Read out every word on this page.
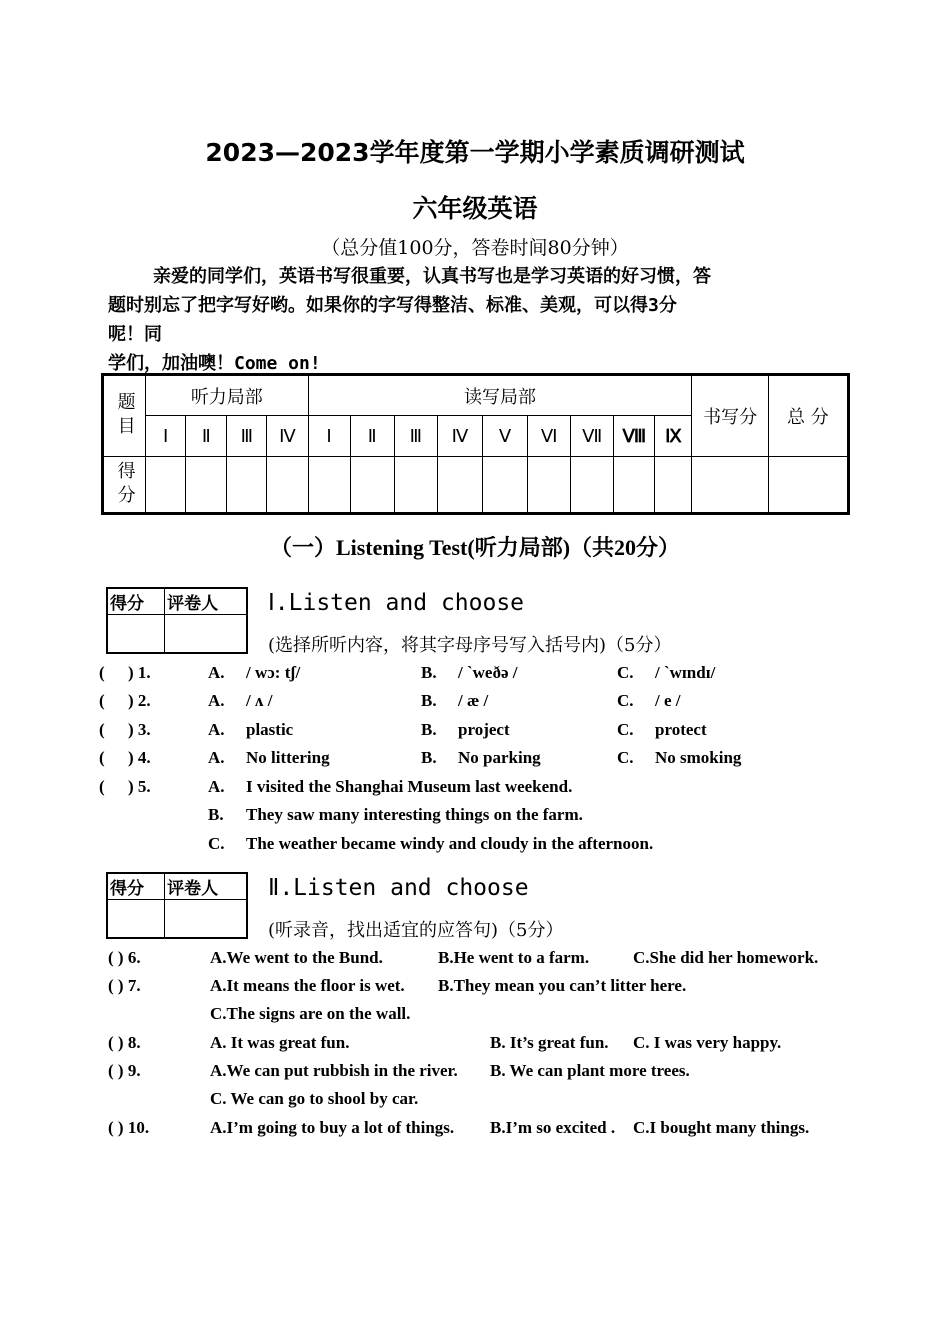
2023—2023学年度第一学期小学素质调研测试
六年级英语
（总分值100分，答卷时间80分钟）
亲爱的同学们，英语书写很重要，认真书写也是学习英语的好习惯，答
题时别忘了把字写好哟。如果你的字写得整洁、标准、美观，可以得3分
呢！同
学们，加油噢！Come on!
题目	听力局部				读写局部									书写分	总 分
	Ⅰ	Ⅱ	Ⅲ	Ⅳ	Ⅰ	Ⅱ	Ⅲ	Ⅳ	Ⅴ	Ⅵ	Ⅶ	Ⅷ	Ⅸ		
得分															
（一）Listening Test(听力局部)（共20分）
得分	评卷人
	Ⅰ.Listen and choose
(选择所听内容，将其字母序号写入括号内)（5分）
( ) 1.	A. / wɔ: tʃ/	B. / `weðə /	C. / `wɪndɪ/
( ) 2.	A. / ʌ /	B. / æ /	C. / e /
( ) 3.	A. plastic	B. project	C. protect
( ) 4.	A. No littering	B. No parking	C. No smoking
( ) 5.	A. I visited the Shanghai Museum last weekend.
B. They saw many interesting things on the farm.
C. The weather became windy and cloudy in the afternoon.
得分	评卷人
	Ⅱ.Listen and choose
(听录音，找出适宜的应答句)（5分）
( ) 6.	A.We went to the Bund.	B.He went to a farm.	C.She did her homework.
( ) 7.	A.It means the floor is wet. B.They mean you can’t litter here.
C.The signs are on the wall.
( ) 8.	A. It was great fun.	B. It’s great fun. C. I was very happy.
( ) 9.	A.We can put rubbish in the river. B. We can plant more trees.
C. We can go to shool by car.
( ) 10.	A.I’m going to buy a lot of things. B.I’m so excited . C.I bought many things.
